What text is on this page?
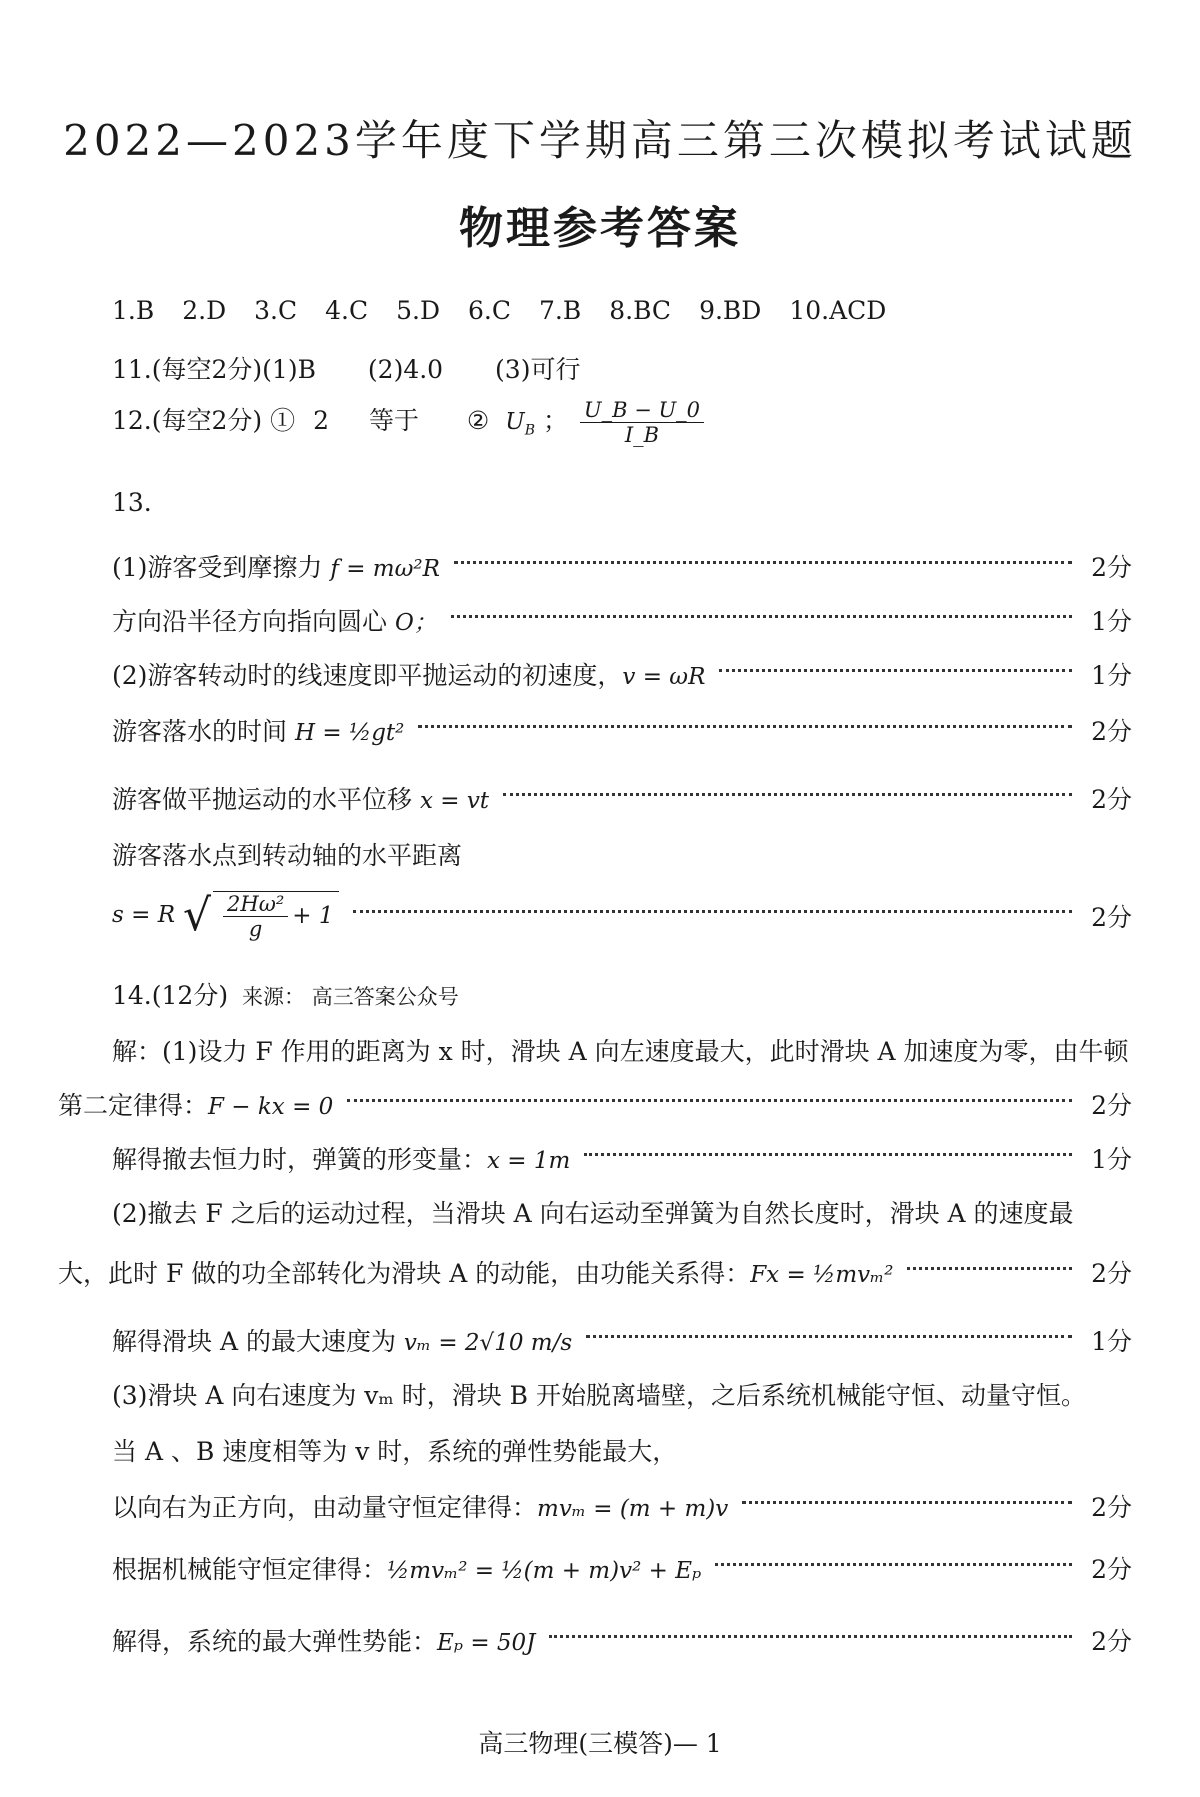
2022—2023学年度下学期高三第三次模拟考试试题
物理参考答案
1.B 2.D 3.C 4.C 5.D 6.C 7.B 8.BC 9.BD 10.ACD
11.(每空2分)(1)B (2)4.0 (3)可行
12.(每空2分) ① 2 等于 ② $U_B$ ； $\frac{U\_B - U\_0}{I\_B}$
13.
(1)游客受到摩擦力 f = mω²R	2分
方向沿半径方向指向圆心 O；	1分
(2)游客转动时的线速度即平抛运动的初速度，v = ωR	1分
游客落水的时间 H = ½gt²	2分
游客做平抛运动的水平位移 x = vt	2分
游客落水点到转动轴的水平距离
s = R √ $\frac{\text{2Hω²}}{g} + 1$	2分
14.(12分) 来源： 高三答案公众号
解：(1)设力 F 作用的距离为 x 时，滑块 A 向左速度最大，此时滑块 A 加速度为零，由牛顿
第二定律得：F − kx = 0	2分
解得撤去恒力时，弹簧的形变量：x = 1m	1分
(2)撤去 F 之后的运动过程，当滑块 A 向右运动至弹簧为自然长度时，滑块 A 的速度最
大，此时 F 做的功全部转化为滑块 A 的动能，由功能关系得：Fx = ½mvₘ²	2分
解得滑块 A 的最大速度为 vₘ = 2√10 m/s	1分
(3)滑块 A 向右速度为 vₘ 时，滑块 B 开始脱离墙壁，之后系统机械能守恒、动量守恒。
当 A 、B 速度相等为 v 时，系统的弹性势能最大，
以向右为正方向，由动量守恒定律得：mvₘ = (m + m)v	2分
根据机械能守恒定律得：½mvₘ² = ½(m + m)v² + Eₚ	2分
解得，系统的最大弹性势能：Eₚ = 50J	2分
高三物理(三模答)— 1
